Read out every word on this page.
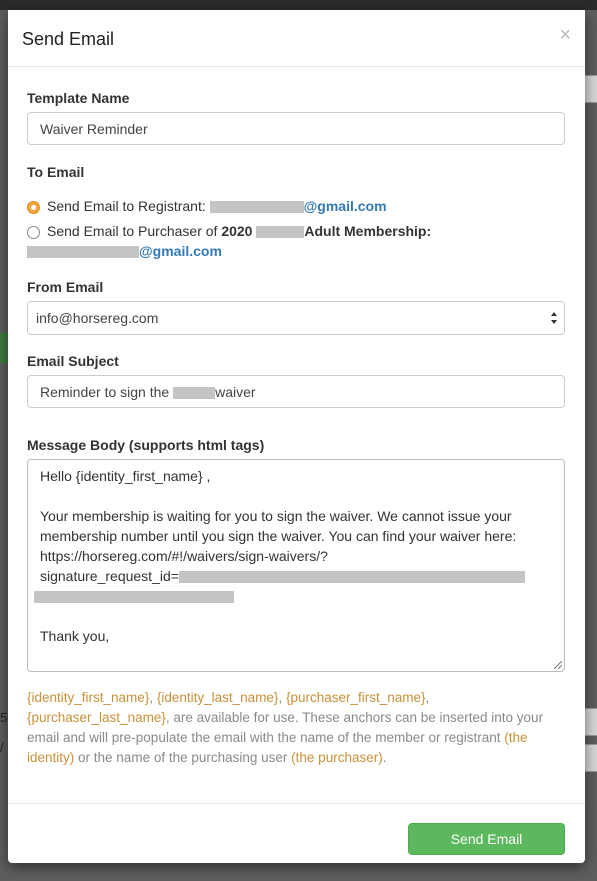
5
/
Send Email	×
Template Name
Waiver Reminder
To Email
Send Email to Registrant:	@gmail.com
Send Email to Purchaser of 2020	Adult Membership:
@gmail.com
From Email
info@horsereg.com
Email Subject
Reminder to sign the	waiver
Message Body (supports html tags)
Hello {identity_first_name} ,
Your membership is waiting for you to sign the waiver. We cannot issue your
membership number until you sign the waiver. You can find your waiver here:
https://horsereg.com/#!/waivers/sign-waivers/?
signature_request_id=
Thank you,
{identity_first_name}, {identity_last_name}, {purchaser_first_name}, {purchaser_last_name}, are available for use. These anchors can be inserted into your email and will pre-populate the email with the name of the member or registrant (the identity) or the name of the purchasing user (the purchaser).
Send Email
